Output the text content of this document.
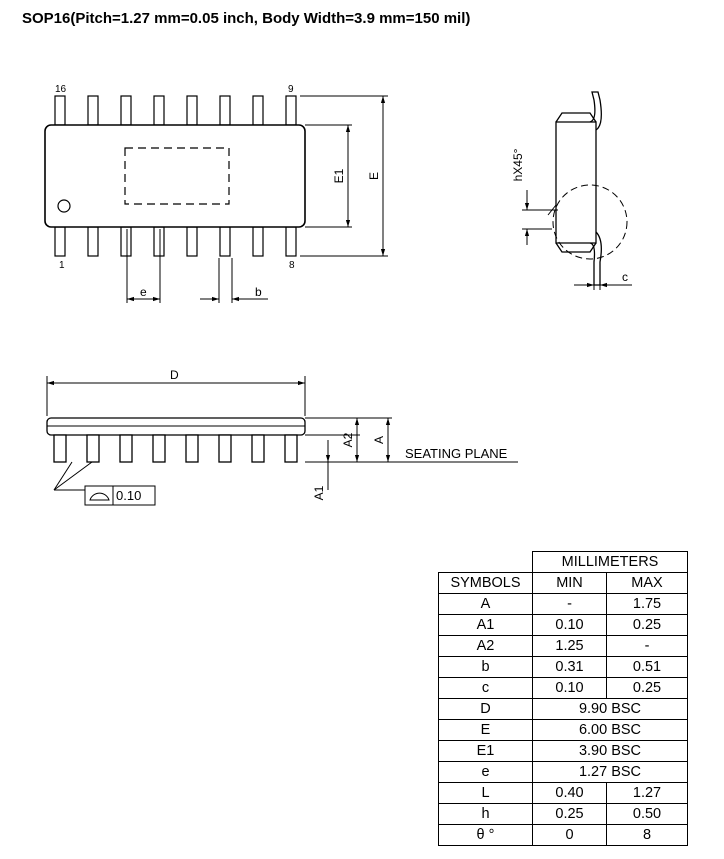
SOP16(Pitch=1.27 mm=0.05 inch, Body Width=3.9 mm=150 mil)
16	9
1	8
E1 E
e	b
hX45°
c
D
A2 A
A1
SEATING PLANE
0.10
	MILLIMETERS	
SYMBOLS	MIN	MAX
A	-	1.75
A1	0.10	0.25
A2	1.25	-
b	0.31	0.51
c	0.10	0.25
D	9.90 BSC	
E	6.00 BSC	
E1	3.90 BSC	
e	1.27 BSC	
L	0.40	1.27
h	0.25	0.50
θ °	0	8
